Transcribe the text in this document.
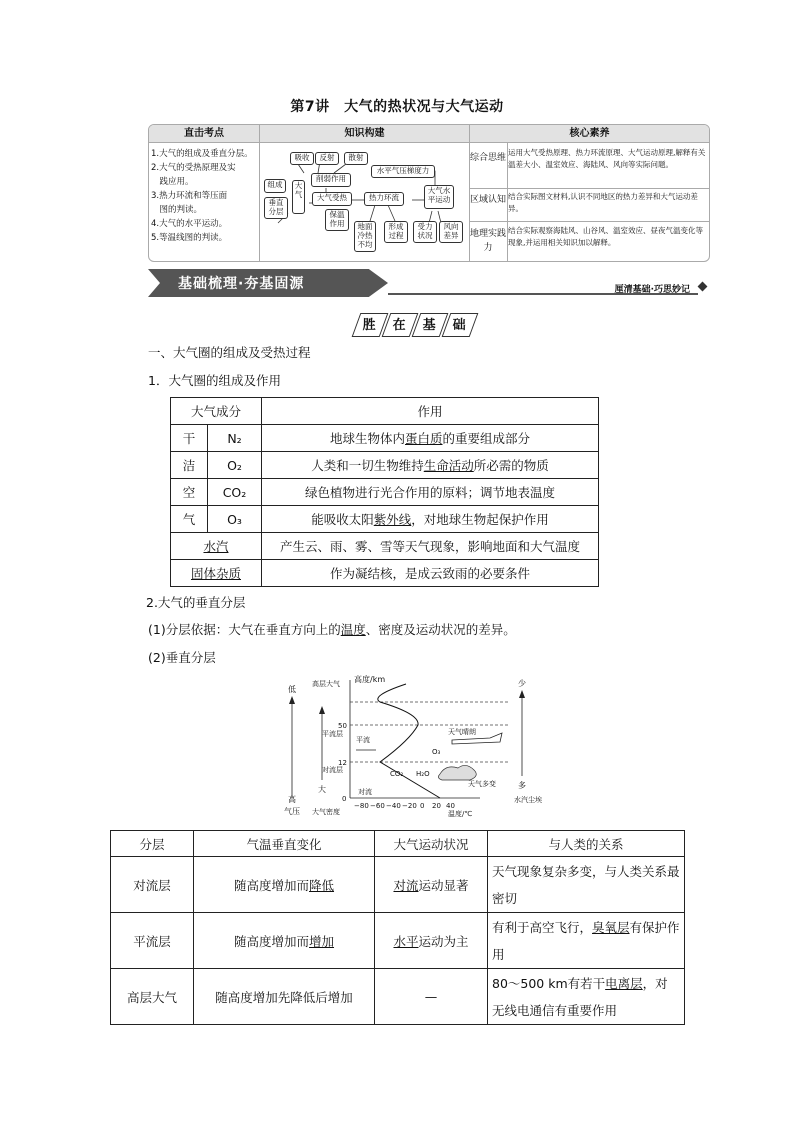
第7讲　大气的热状况与大气运动
直击考点	知识构建	核心素养
1.大气的组成及垂直分层。
2.大气的受热原理及实
　践应用。
3.热力环流和等压面
　图的判读。
4.大气的水平运动。
5.等温线图的判读。
吸收	反射	散射
削弱作用
水平气压梯度力
组成
垂直分层
大气	大气受热	热力环流
大气水平运动
保温作用	地面冷热不均
形成过程
受力状况
风向差异
综合思维
运用大气受热原理、热力环流原理、大气运动原理,解释有关温差大小、温室效应、海陆风、风向等实际问题。
区域认知 结合实际图文材料,认识不同地区的热力差异和大气运动差异。
地理实践力
结合实际观察海陆风、山谷风、温室效应、昼夜气温变化等现象,并运用相关知识加以解释。
基础梳理·夯基固源	厘清基础·巧思妙记
胜	在	基	础
一、大气圈的组成及受热过程
1．大气圈的组成及作用
大气成分		作用
干	N₂	地球生物体内蛋白质的重要组成部分
洁	O₂	人类和一切生物维持生命活动所必需的物质
空	CO₂	绿色植物进行光合作用的原料；调节地表温度
气	O₃	能吸收太阳紫外线，对地球生物起保护作用
水汽		产生云、雨、雾、雪等天气现象，影响地面和大气温度
固体杂质		作为凝结核，是成云致雨的必要条件
2.大气的垂直分层
(1)分层依据：大气在垂直方向上的温度、密度及运动状况的差异。
(2)垂直分层
低
高
气压
大
大气密度
高层大气
平流层
对流层
高度/km
温度/℃
0
12
50
−80 −60 −40 −20 0 20 40
天气晴朗
平流
O₃
CO₂ H₂O
天气多变
对流
少
多
水汽尘埃
分层	气温垂直变化	大气运动状况	与人类的关系
对流层	随高度增加而降低	对流运动显著	天气现象复杂多变，与人类关系最密切
平流层	随高度增加而增加	水平运动为主	有利于高空飞行，臭氧层有保护作用
高层大气	随高度增加先降低后增加	—	80～500 km有若干电离层，对无线电通信有重要作用
